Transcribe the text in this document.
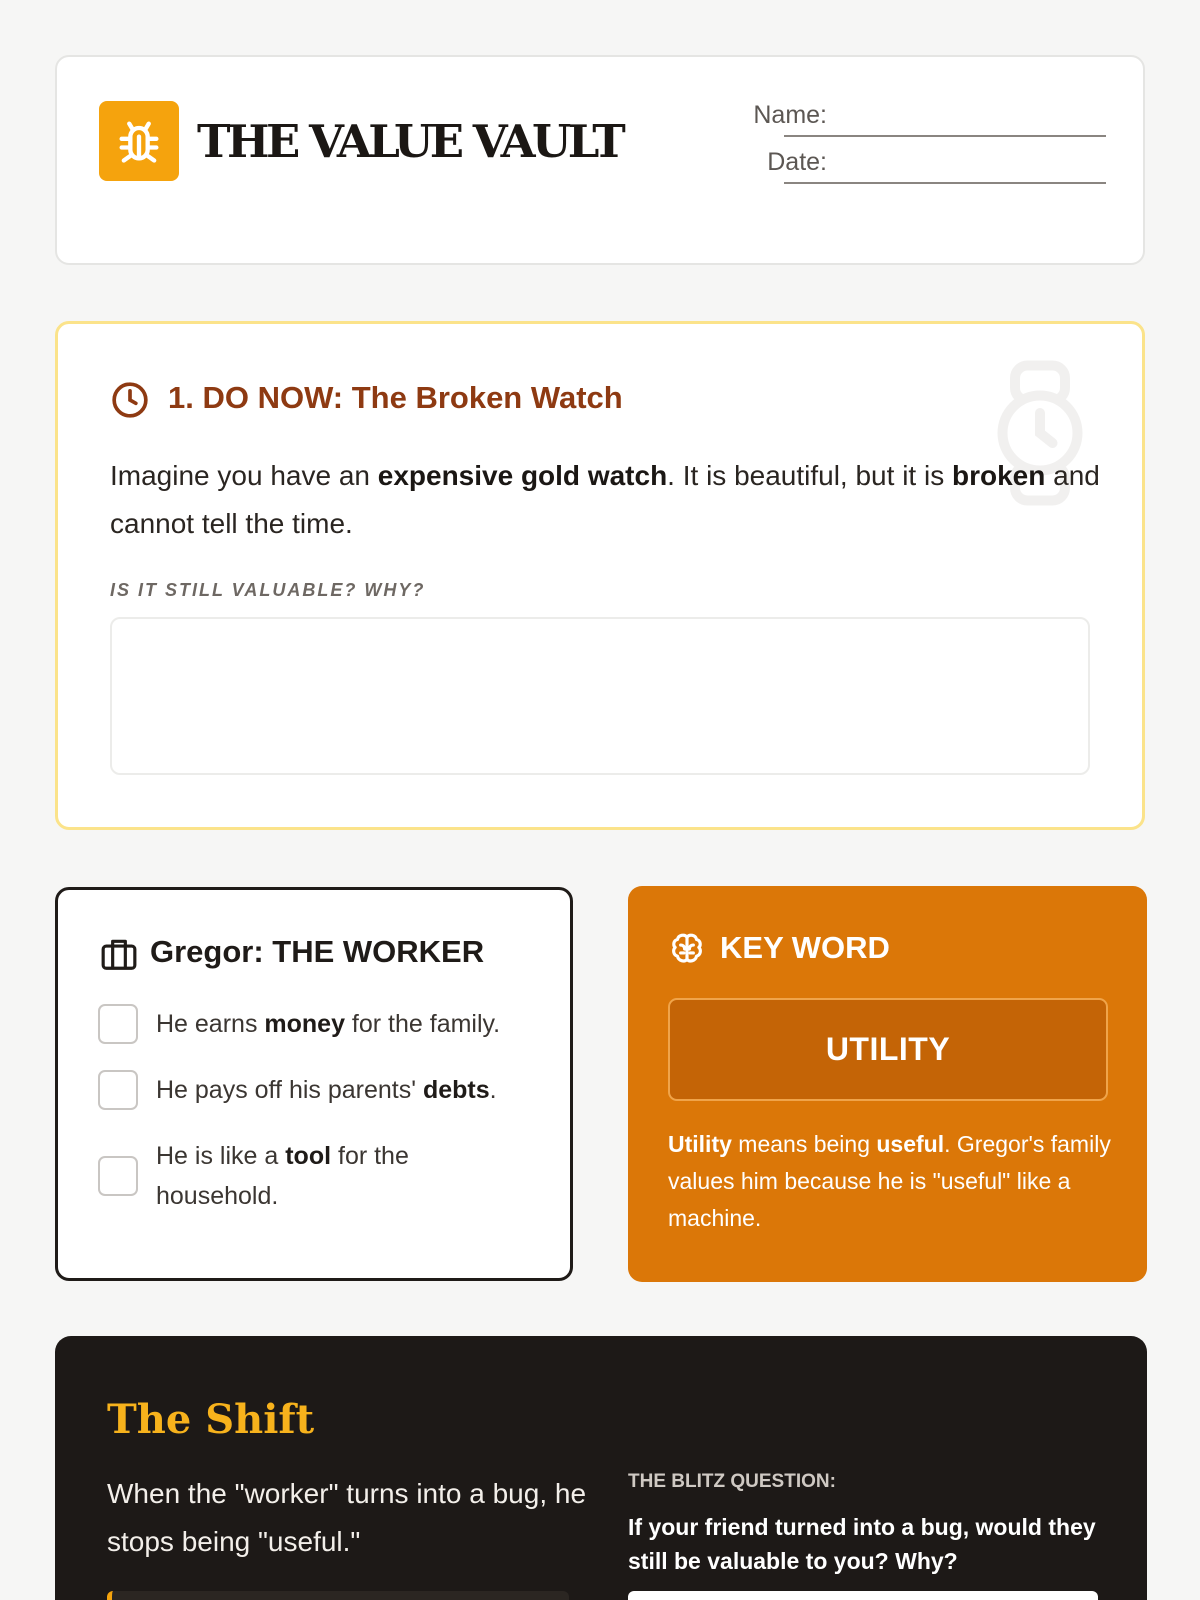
THE VALUE VAULT	Name:
Date:
1. DO NOW: The Broken Watch
Imagine you have an expensive gold watch. It is beautiful, but it is broken and cannot tell the time.
IS IT STILL VALUABLE? WHY?
Gregor: THE WORKER
He earns money for the family.
He pays off his parents' debts.
He is like a tool for the household.
KEY WORD
UTILITY
Utility means being useful. Gregor's family values him because he is "useful" like a machine.
The Shift
When the "worker" turns into a bug, he stops being "useful."
THE BLITZ QUESTION:
If your friend turned into a bug, would they still be valuable to you? Why?
